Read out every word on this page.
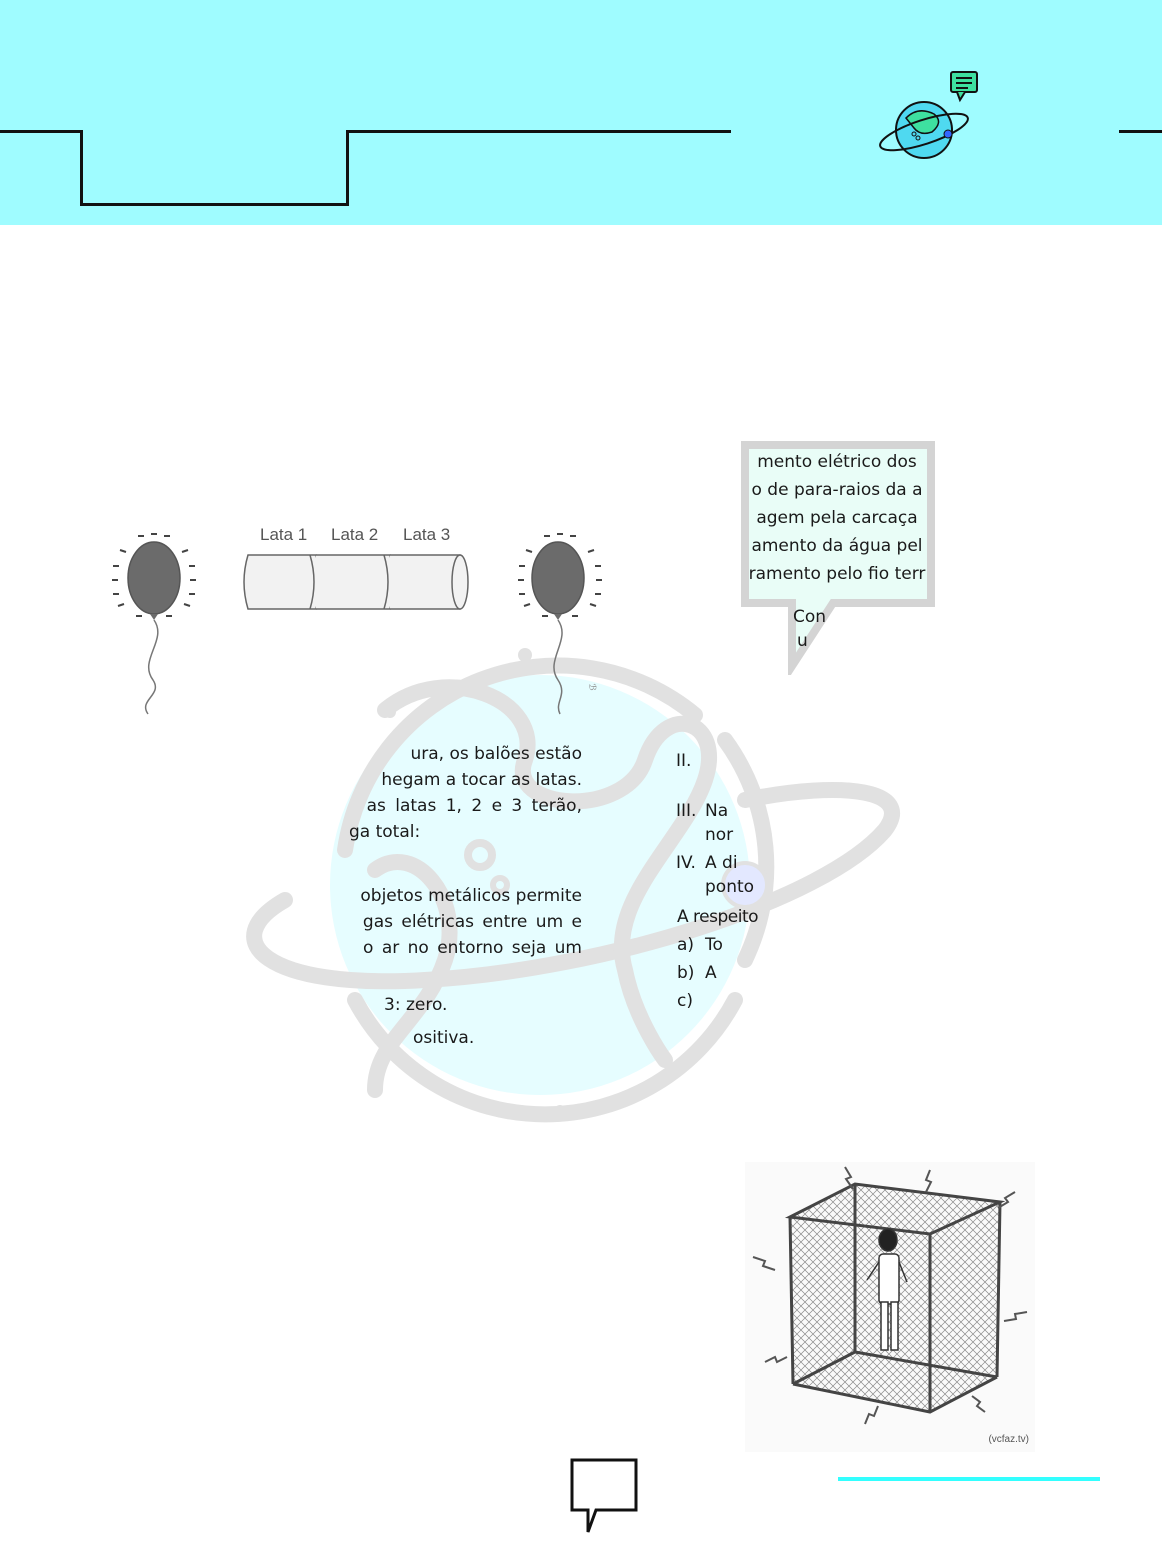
Lata 1 Lata 2 Lata 3
ℬ
mento elétrico dos
o de para-raios da a
agem pela carcaça
amento da água pel
ramento pelo fio terr
Con
u
ura, os balões estão
hegam a tocar as latas.
as latas 1, 2 e 3 terão,
ga total:
objetos metálicos permite
gas elétricas entre um e
o ar no entorno seja um
3: zero.
ositiva.
II.
III. Na
nor
IV. A di
ponto
A respeito
a) To
b) A
c)
(vcfaz.tv)
